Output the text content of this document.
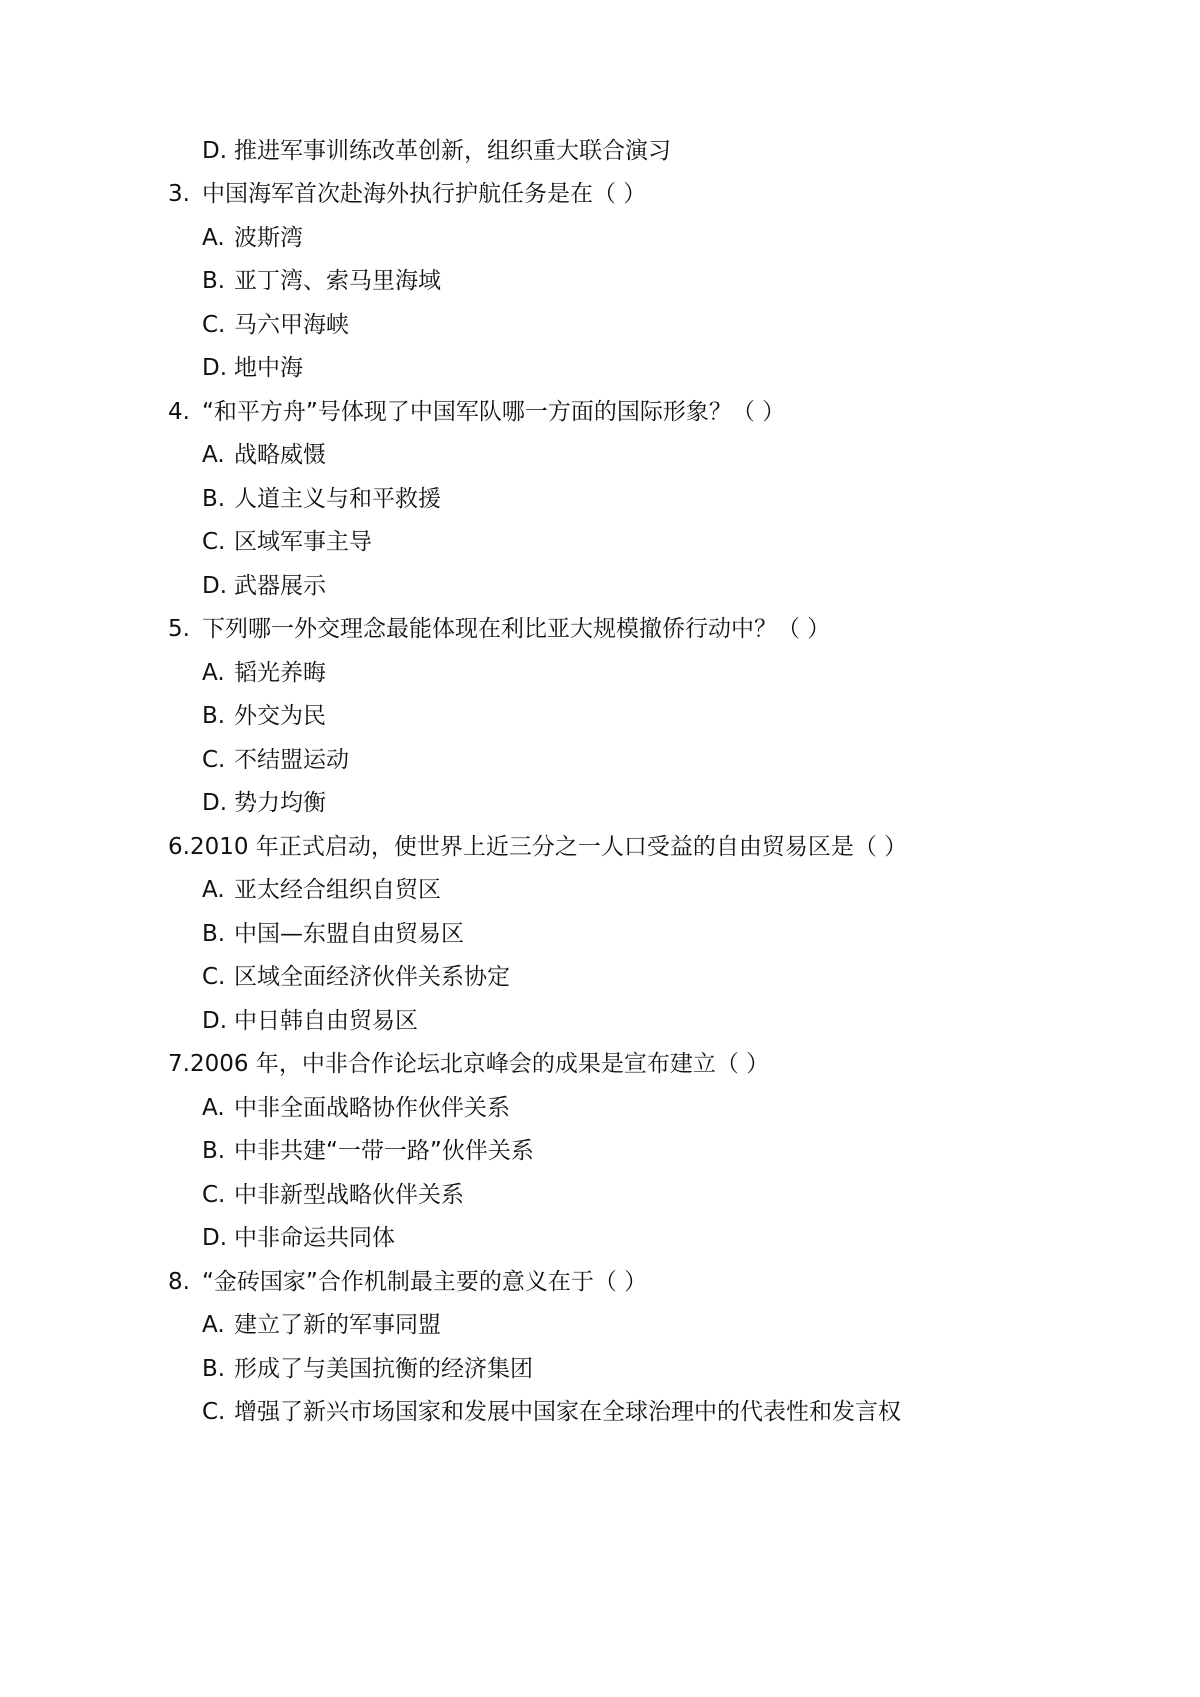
D. 推进军事训练改革创新，组织重大联合演习
3. 中国海军首次赴海外执行护航任务是在（ ）
A. 波斯湾
B. 亚丁湾、索马里海域
C. 马六甲海峡
D. 地中海
4. “和平方舟”号体现了中国军队哪一方面的国际形象？（ ）
A. 战略威慑
B. 人道主义与和平救援
C. 区域军事主导
D. 武器展示
5. 下列哪一外交理念最能体现在利比亚大规模撤侨行动中？（ ）
A. 韬光养晦
B. 外交为民
C. 不结盟运动
D. 势力均衡
6. 2010 年正式启动，使世界上近三分之一人口受益的自由贸易区是（ ）
A. 亚太经合组织自贸区
B. 中国—东盟自由贸易区
C. 区域全面经济伙伴关系协定
D. 中日韩自由贸易区
7. 2006 年，中非合作论坛北京峰会的成果是宣布建立（ ）
A. 中非全面战略协作伙伴关系
B. 中非共建“一带一路”伙伴关系
C. 中非新型战略伙伴关系
D. 中非命运共同体
8. “金砖国家”合作机制最主要的意义在于（ ）
A. 建立了新的军事同盟
B. 形成了与美国抗衡的经济集团
C. 增强了新兴市场国家和发展中国家在全球治理中的代表性和发言权
